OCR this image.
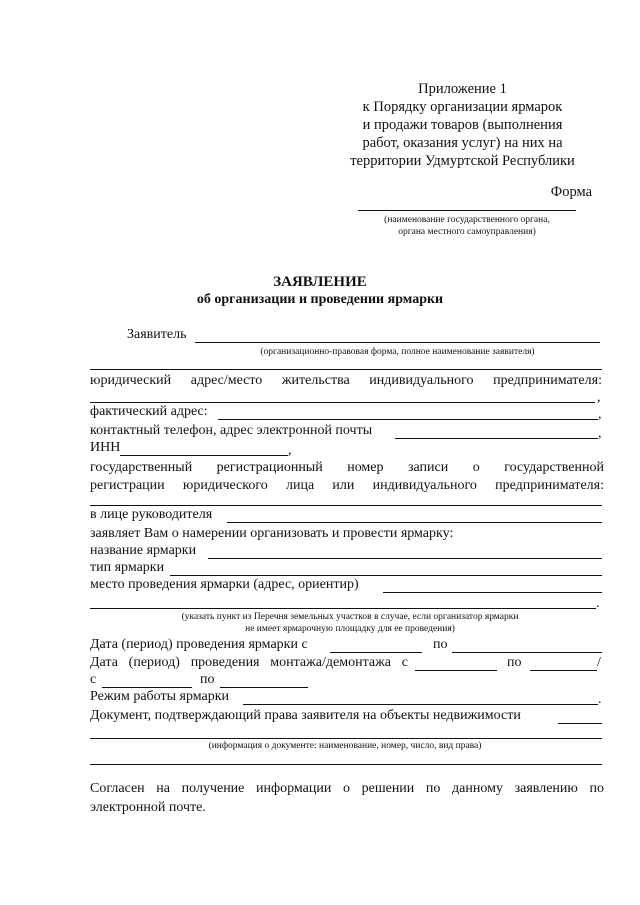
Приложение 1
к Порядку организации ярмарок
и продажи товаров (выполнения
работ, оказания услуг) на них на
территории Удмуртской Республики
Форма
(наименование государственного органа,
органа местного самоуправления)
ЗАЯВЛЕНИЕ
об организации и проведении ярмарки
Заявитель
(организационно-правовая форма, полное наименование заявителя)
юридический адрес/место жительства индивидуального предпринимателя:
,
фактический адрес:	,
контактный телефон, адрес электронной почты	,
ИНН	,
государственный регистрационный номер записи о государственной
регистрации юридического лица или индивидуального предпринимателя:
в лице руководителя
заявляет Вам о намерении организовать и провести ярмарку:
название ярмарки
тип ярмарки
место проведения ярмарки (адрес, ориентир)
.
(указать пункт из Перечня земельных участков в случае, если организатор ярмарки
не имеет ярмарочную площадку для ее проведения)
Дата (период) проведения ярмарки с	по
Дата (период) проведения монтажа/демонтажа с	по	/
с	по
Режим работы ярмарки	.
Документ, подтверждающий права заявителя на объекты недвижимости
(информация о документе: наименование, номер, число, вид права)
Согласен на получение информации о решении по данному заявлению по электронной почте.
